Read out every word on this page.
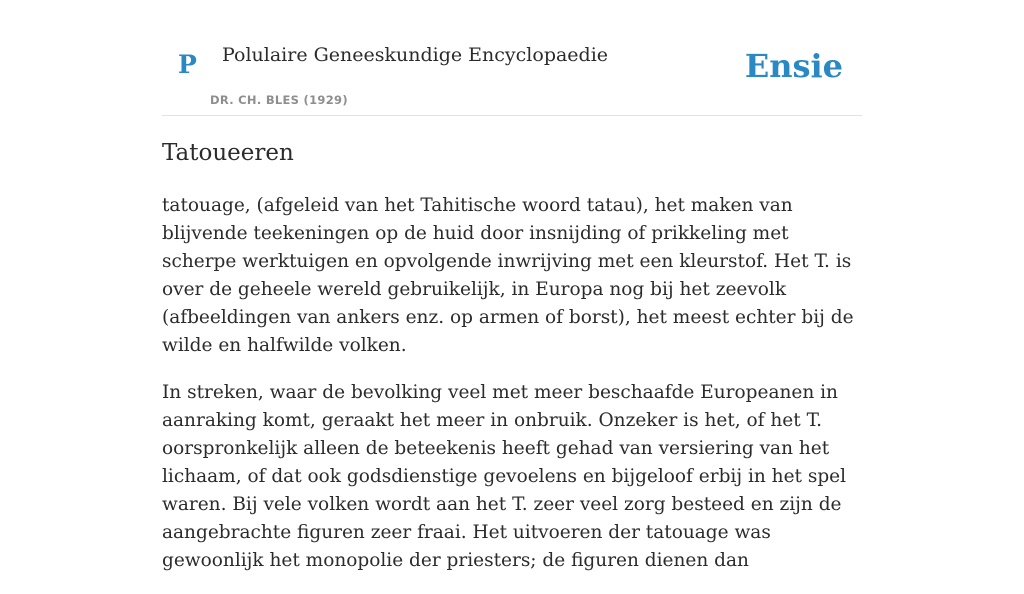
P Polulaire Geneeskundige Encyclopaedie
DR. CH. BLES (1929)
Ensie
Tatoueeren

tatouage, (afgeleid van het Tahitische woord tatau), het maken van blijvende teekeningen op de huid door insnijding of prikkeling met scherpe werktuigen en opvolgende inwrijving met een kleurstof. Het T. is over de geheele wereld gebruikelijk, in Europa nog bij het zeevolk (afbeeldingen van ankers enz. op armen of borst), het meest echter bij de wilde en halfwilde volken.

In streken, waar de bevolking veel met meer beschaafde Europeanen in aanraking komt, geraakt het meer in onbruik. Onzeker is het, of het T. oorspronkelijk alleen de beteekenis heeft gehad van versiering van het lichaam, of dat ook godsdienstige gevoelens en bijgeloof erbij in het spel waren. Bij vele volken wordt aan het T. zeer veel zorg besteed en zijn de aangebrachte figuren zeer fraai. Het uitvoeren der tatouage was gewoonlijk het monopolie der priesters; de figuren dienen dan
